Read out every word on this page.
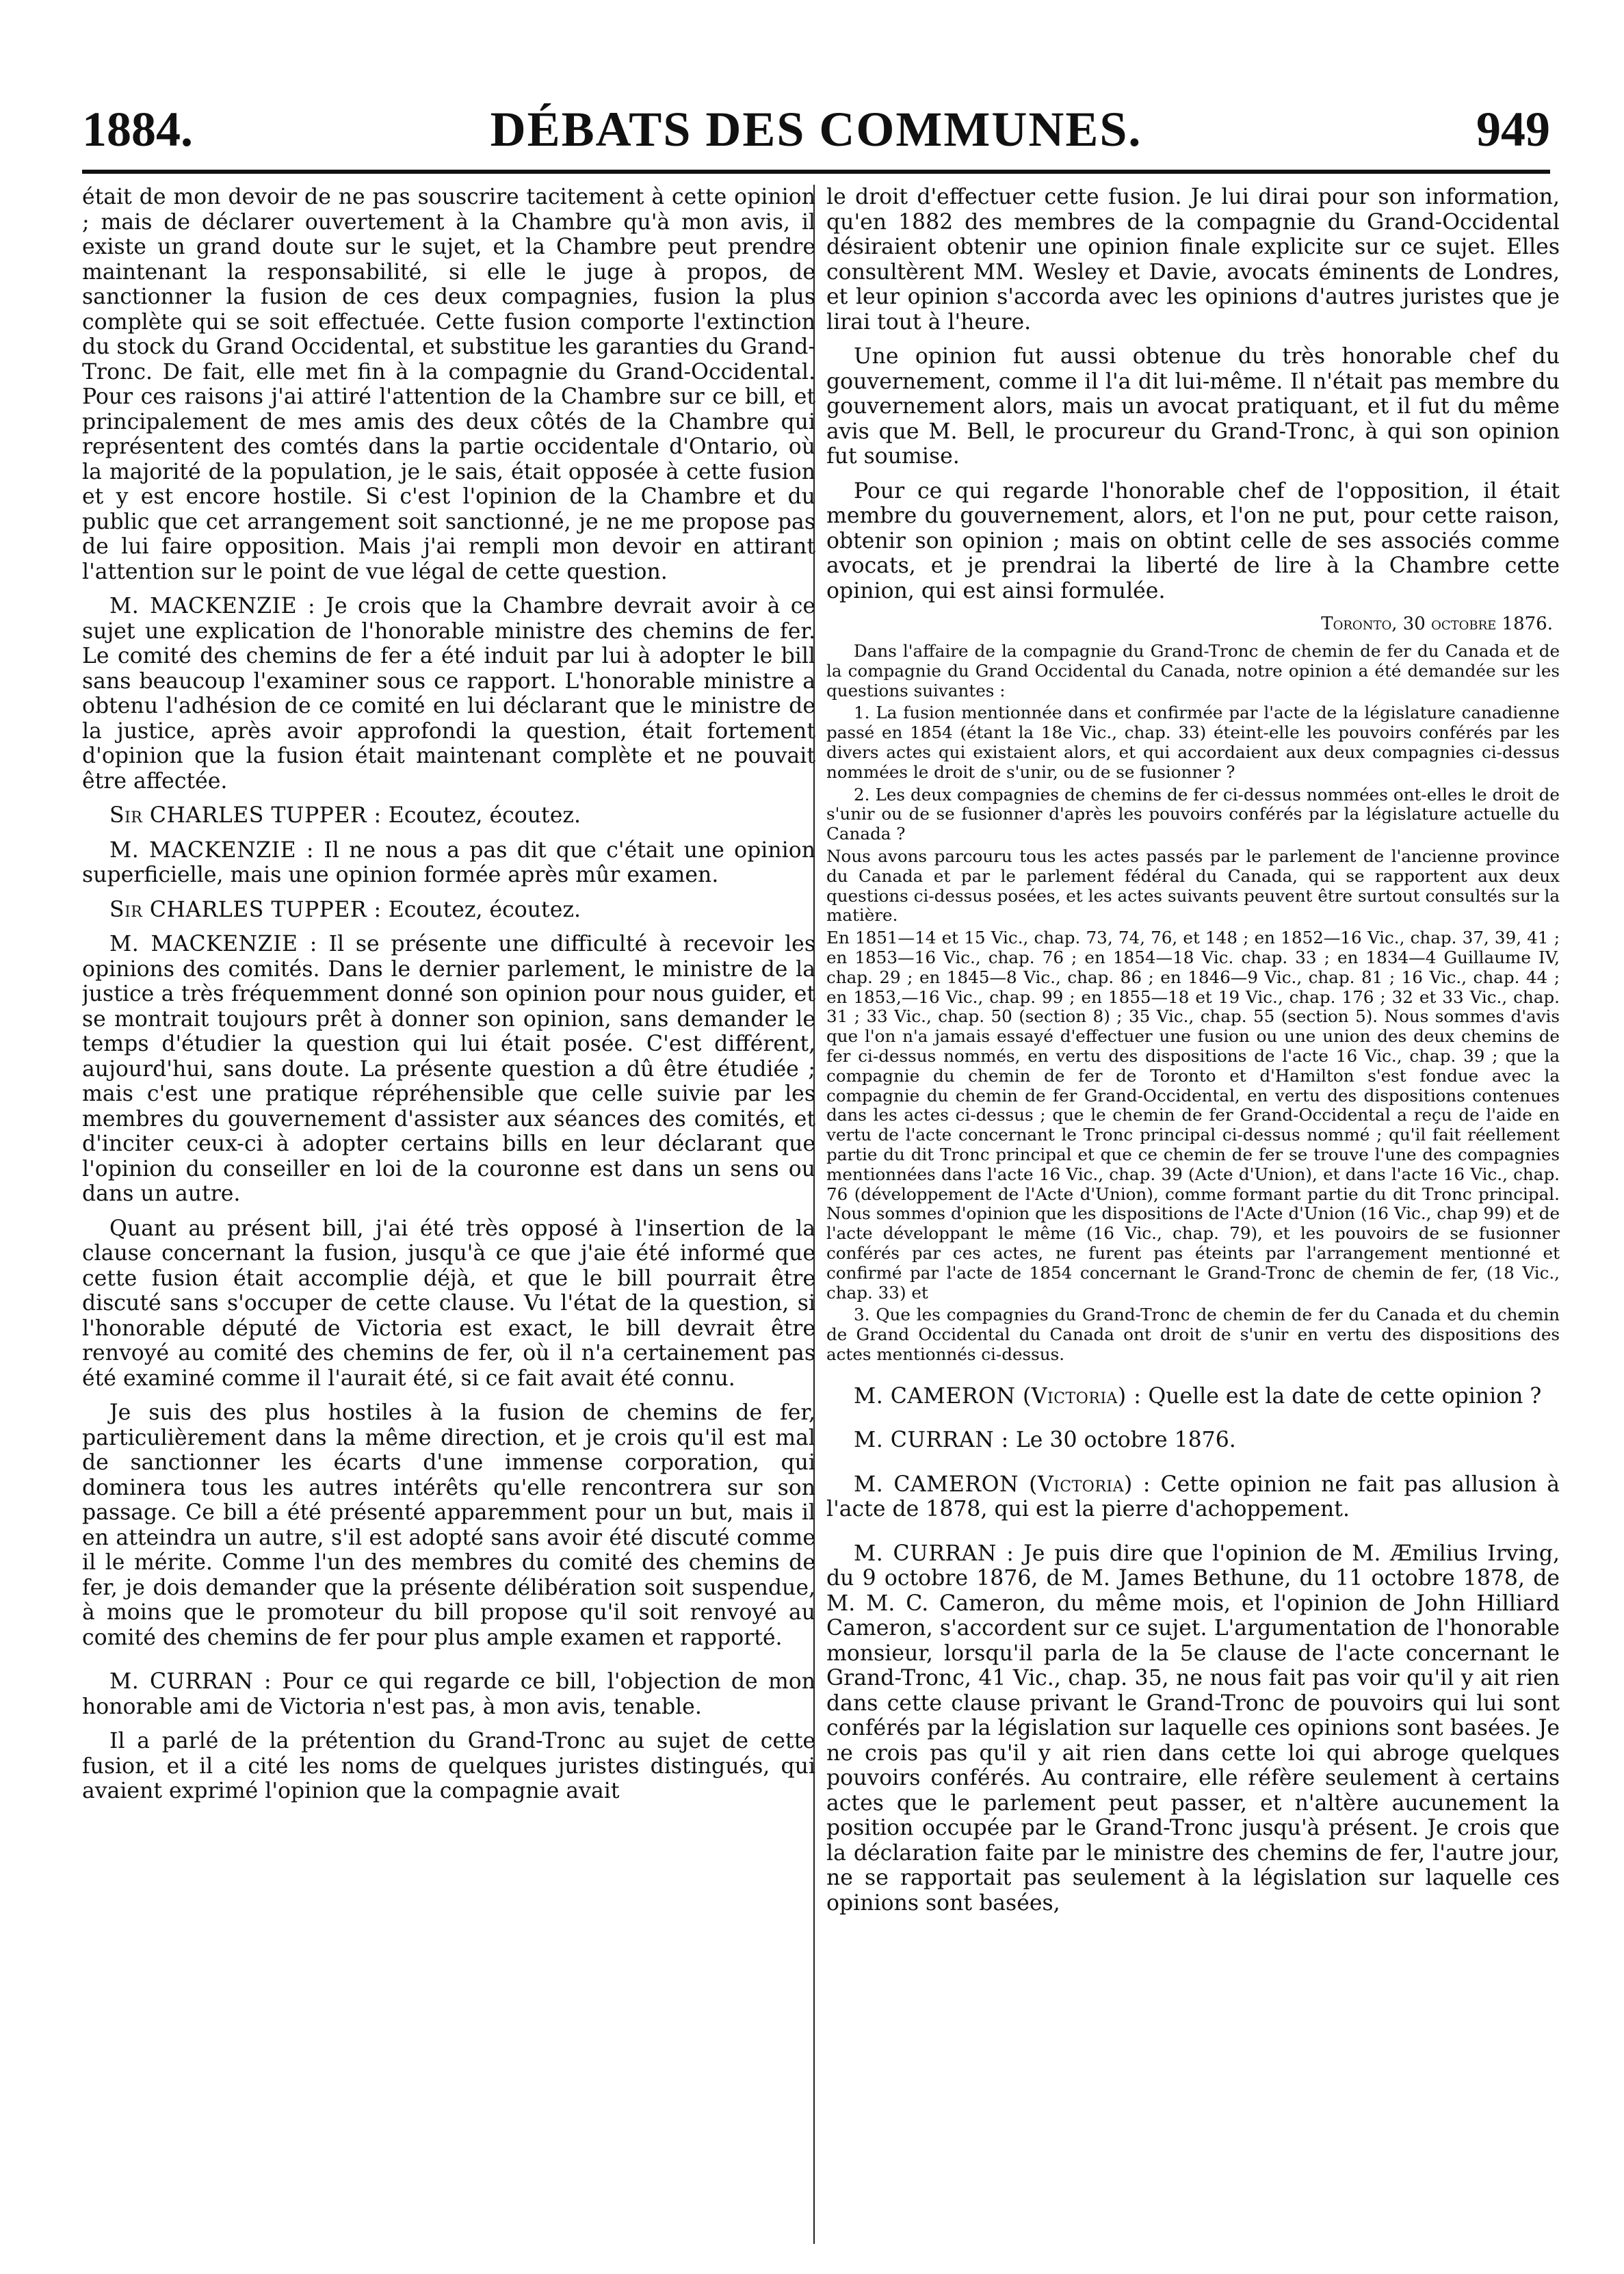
1884.	DÉBATS DES COMMUNES.	949

était de mon devoir de ne pas souscrire tacitement à cette opinion ; mais de déclarer ouvertement à la Chambre qu'à mon avis, il existe un grand doute sur le sujet, et la Chambre peut prendre maintenant la responsabilité, si elle le juge à propos, de sanctionner la fusion de ces deux compagnies, fusion la plus complète qui se soit effectuée. Cette fusion comporte l'extinction du stock du Grand Occidental, et substitue les garanties du Grand-Tronc. De fait, elle met fin à la compagnie du Grand-Occidental. Pour ces raisons j'ai attiré l'attention de la Chambre sur ce bill, et principalement de mes amis des deux côtés de la Chambre qui représentent des comtés dans la partie occidentale d'Ontario, où la majorité de la population, je le sais, était opposée à cette fusion et y est encore hostile. Si c'est l'opinion de la Chambre et du public que cet arrangement soit sanctionné, je ne me propose pas de lui faire opposition. Mais j'ai rempli mon devoir en attirant l'attention sur le point de vue légal de cette question.

M. MACKENZIE : Je crois que la Chambre devrait avoir à ce sujet une explication de l'honorable ministre des chemins de fer. Le comité des chemins de fer a été induit par lui à adopter le bill sans beaucoup l'examiner sous ce rapport. L'honorable ministre a obtenu l'adhésion de ce comité en lui déclarant que le ministre de la justice, après avoir approfondi la question, était fortement d'opinion que la fusion était maintenant complète et ne pouvait être affectée.

Sir CHARLES TUPPER : Ecoutez, écoutez.

M. MACKENZIE : Il ne nous a pas dit que c'était une opinion superficielle, mais une opinion formée après mûr examen.

Sir CHARLES TUPPER : Ecoutez, écoutez.

M. MACKENZIE : Il se présente une difficulté à recevoir les opinions des comités. Dans le dernier parlement, le ministre de la justice a très fréquemment donné son opinion pour nous guider, et se montrait toujours prêt à donner son opinion, sans demander le temps d'étudier la question qui lui était posée. C'est différent, aujourd'hui, sans doute. La présente question a dû être étudiée ; mais c'est une pratique répréhensible que celle suivie par les membres du gouvernement d'assister aux séances des comités, et d'inciter ceux-ci à adopter certains bills en leur déclarant que l'opinion du conseiller en loi de la couronne est dans un sens ou dans un autre.

Quant au présent bill, j'ai été très opposé à l'insertion de la clause concernant la fusion, jusqu'à ce que j'aie été informé que cette fusion était accomplie déjà, et que le bill pourrait être discuté sans s'occuper de cette clause. Vu l'état de la question, si l'honorable député de Victoria est exact, le bill devrait être renvoyé au comité des chemins de fer, où il n'a certainement pas été examiné comme il l'aurait été, si ce fait avait été connu.

Je suis des plus hostiles à la fusion de chemins de fer, particulièrement dans la même direction, et je crois qu'il est mal de sanctionner les écarts d'une immense corporation, qui dominera tous les autres intérêts qu'elle rencontrera sur son passage. Ce bill a été présenté apparemment pour un but, mais il en atteindra un autre, s'il est adopté sans avoir été discuté comme il le mérite. Comme l'un des membres du comité des chemins de fer, je dois demander que la présente délibération soit suspendue, à moins que le promoteur du bill propose qu'il soit renvoyé au comité des chemins de fer pour plus ample examen et rapporté.

M. CURRAN : Pour ce qui regarde ce bill, l'objection de mon honorable ami de Victoria n'est pas, à mon avis, tenable.

Il a parlé de la prétention du Grand-Tronc au sujet de cette fusion, et il a cité les noms de quelques juristes distingués, qui avaient exprimé l'opinion que la compagnie avait

le droit d'effectuer cette fusion. Je lui dirai pour son information, qu'en 1882 des membres de la compagnie du Grand-Occidental désiraient obtenir une opinion finale explicite sur ce sujet. Elles consultèrent MM. Wesley et Davie, avocats éminents de Londres, et leur opinion s'accorda avec les opinions d'autres juristes que je lirai tout à l'heure.

Une opinion fut aussi obtenue du très honorable chef du gouvernement, comme il l'a dit lui-même. Il n'était pas membre du gouvernement alors, mais un avocat pratiquant, et il fut du même avis que M. Bell, le procureur du Grand-Tronc, à qui son opinion fut soumise.

Pour ce qui regarde l'honorable chef de l'opposition, il était membre du gouvernement, alors, et l'on ne put, pour cette raison, obtenir son opinion ; mais on obtint celle de ses associés comme avocats, et je prendrai la liberté de lire à la Chambre cette opinion, qui est ainsi formulée.

Toronto, 30 octobre 1876.

Dans l'affaire de la compagnie du Grand-Tronc de chemin de fer du Canada et de la compagnie du Grand Occidental du Canada, notre opinion a été demandée sur les questions suivantes :

1. La fusion mentionnée dans et confirmée par l'acte de la législature canadienne passé en 1854 (étant la 18e Vic., chap. 33) éteint-elle les pouvoirs conférés par les divers actes qui existaient alors, et qui accordaient aux deux compagnies ci-dessus nommées le droit de s'unir, ou de se fusionner ?

2. Les deux compagnies de chemins de fer ci-dessus nommées ont-elles le droit de s'unir ou de se fusionner d'après les pouvoirs conférés par la législature actuelle du Canada ?

Nous avons parcouru tous les actes passés par le parlement de l'ancienne province du Canada et par le parlement fédéral du Canada, qui se rapportent aux deux questions ci-dessus posées, et les actes suivants peuvent être surtout consultés sur la matière.

En 1851—14 et 15 Vic., chap. 73, 74, 76, et 148 ; en 1852—16 Vic., chap. 37, 39, 41 ; en 1853—16 Vic., chap. 76 ; en 1854—18 Vic. chap. 33 ; en 1834—4 Guillaume IV, chap. 29 ; en 1845—8 Vic., chap. 86 ; en 1846—9 Vic., chap. 81 ; 16 Vic., chap. 44 ; en 1853,—16 Vic., chap. 99 ; en 1855—18 et 19 Vic., chap. 176 ; 32 et 33 Vic., chap. 31 ; 33 Vic., chap. 50 (section 8) ; 35 Vic., chap. 55 (section 5). Nous sommes d'avis que l'on n'a jamais essayé d'effectuer une fusion ou une union des deux chemins de fer ci-dessus nommés, en vertu des dispositions de l'acte 16 Vic., chap. 39 ; que la compagnie du chemin de fer de Toronto et d'Hamilton s'est fondue avec la compagnie du chemin de fer Grand-Occidental, en vertu des dispositions contenues dans les actes ci-dessus ; que le chemin de fer Grand-Occidental a reçu de l'aide en vertu de l'acte concernant le Tronc principal ci-dessus nommé ; qu'il fait réellement partie du dit Tronc principal et que ce chemin de fer se trouve l'une des compagnies mentionnées dans l'acte 16 Vic., chap. 39 (Acte d'Union), et dans l'acte 16 Vic., chap. 76 (développement de l'Acte d'Union), comme formant partie du dit Tronc principal. Nous sommes d'opinion que les dispositions de l'Acte d'Union (16 Vic., chap 99) et de l'acte développant le même (16 Vic., chap. 79), et les pouvoirs de se fusionner conférés par ces actes, ne furent pas éteints par l'arrangement mentionné et confirmé par l'acte de 1854 concernant le Grand-Tronc de chemin de fer, (18 Vic., chap. 33) et

3. Que les compagnies du Grand-Tronc de chemin de fer du Canada et du chemin de Grand Occidental du Canada ont droit de s'unir en vertu des dispositions des actes mentionnés ci-dessus.

M. CAMERON (Victoria) : Quelle est la date de cette opinion ?

M. CURRAN : Le 30 octobre 1876.

M. CAMERON (Victoria) : Cette opinion ne fait pas allusion à l'acte de 1878, qui est la pierre d'achoppement.

M. CURRAN : Je puis dire que l'opinion de M. Æmilius Irving, du 9 octobre 1876, de M. James Bethune, du 11 octobre 1878, de M. M. C. Cameron, du même mois, et l'opinion de John Hilliard Cameron, s'accordent sur ce sujet. L'argumentation de l'honorable monsieur, lorsqu'il parla de la 5e clause de l'acte concernant le Grand-Tronc, 41 Vic., chap. 35, ne nous fait pas voir qu'il y ait rien dans cette clause privant le Grand-Tronc de pouvoirs qui lui sont conférés par la législation sur laquelle ces opinions sont basées. Je ne crois pas qu'il y ait rien dans cette loi qui abroge quelques pouvoirs conférés. Au contraire, elle réfère seulement à certains actes que le parlement peut passer, et n'altère aucunement la position occupée par le Grand-Tronc jusqu'à présent. Je crois que la déclaration faite par le ministre des chemins de fer, l'autre jour, ne se rapportait pas seulement à la législation sur laquelle ces opinions sont basées,
